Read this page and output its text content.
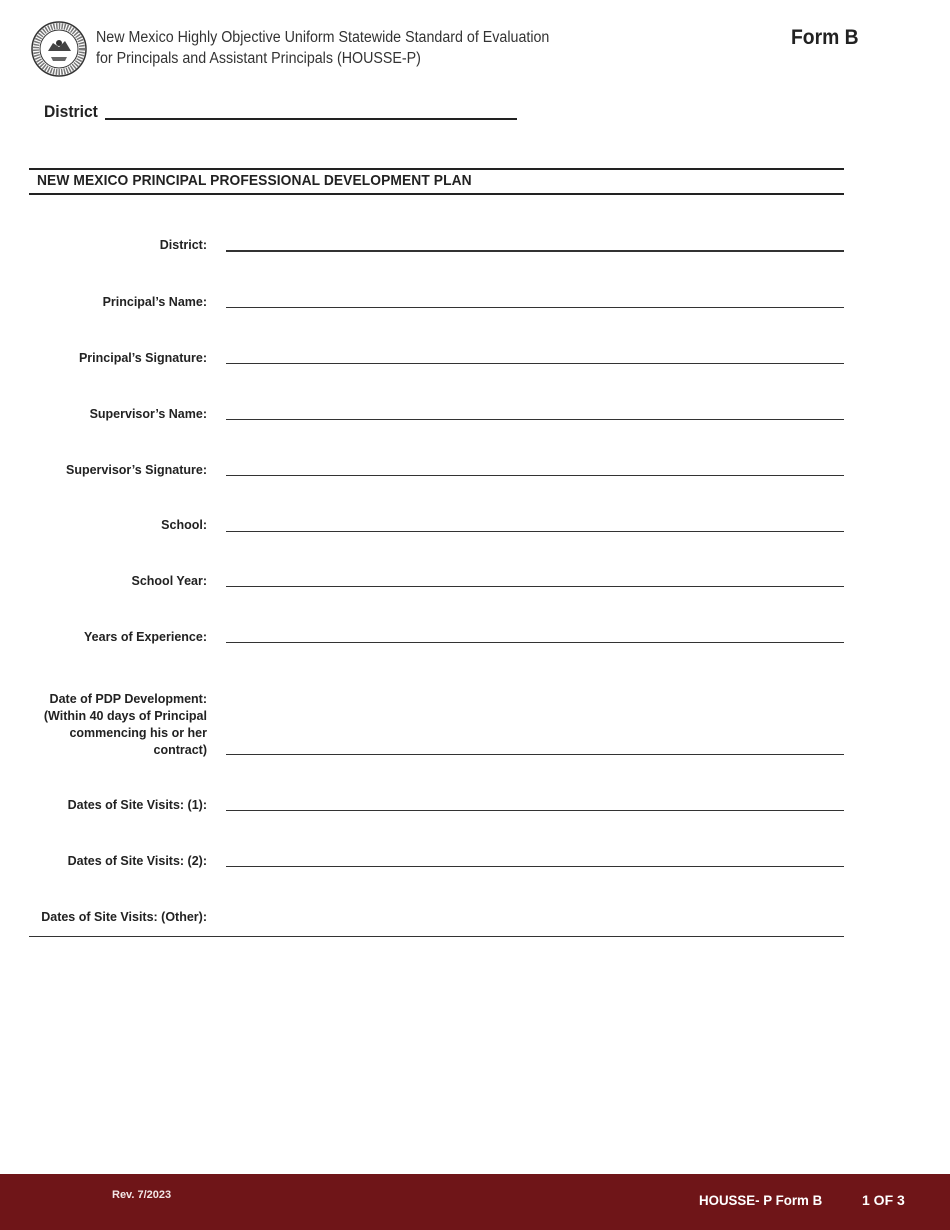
New Mexico Highly Objective Uniform Statewide Standard of Evaluation
for Principals and Assistant Principals (HOUSSE-P)
Form B
District
NEW MEXICO PRINCIPAL PROFESSIONAL DEVELOPMENT PLAN
District:
Principal’s Name:
Principal’s Signature:
Supervisor’s Name:
Supervisor’s Signature:
School:
School Year:
Years of Experience:
Date of PDP Development:
(Within 40 days of Principal
commencing his or her
contract)
Dates of Site Visits: (1):
Dates of Site Visits: (2):
Dates of Site Visits: (Other):
Rev. 7/2023	HOUSSE- P Form B	1 OF 3
